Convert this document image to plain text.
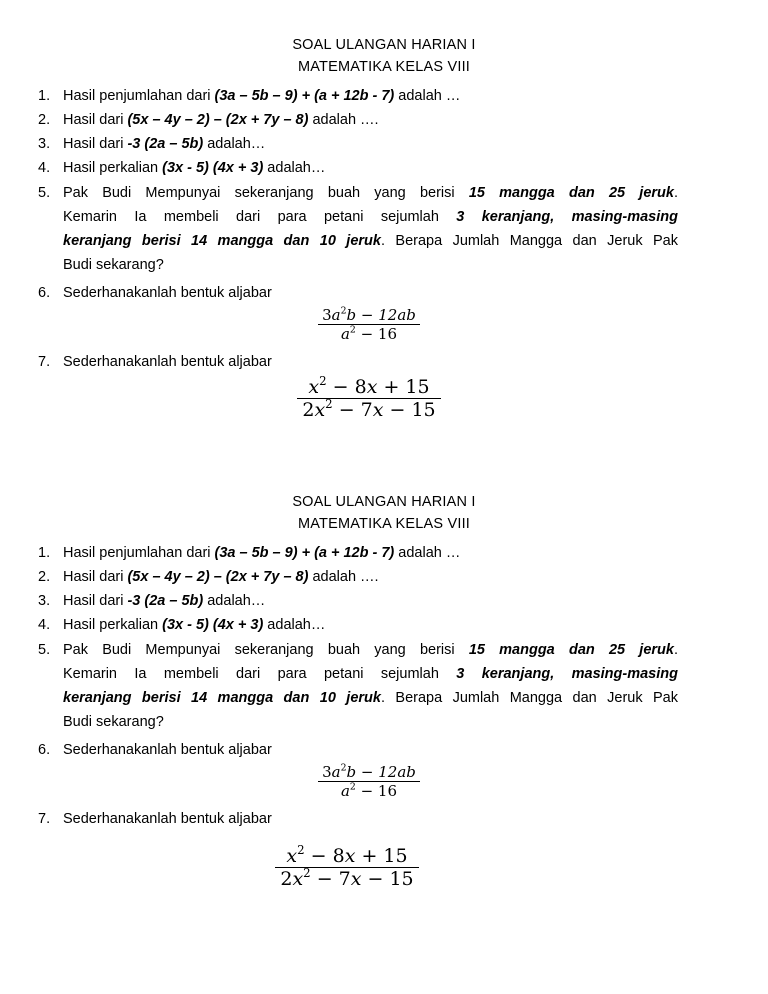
SOAL ULANGAN HARIAN I
MATEMATIKA KELAS VIII
1. Hasil penjumlahan dari (3a – 5b – 9) + (a + 12b - 7) adalah …
2. Hasil dari (5x – 4y – 2) – (2x + 7y – 8) adalah ….
3. Hasil dari -3 (2a – 5b) adalah…
4. Hasil perkalian (3x - 5) (4x + 3) adalah…
5. Pak Budi Mempunyai sekeranjang buah yang berisi 15 mangga dan 25 jeruk.
Kemarin Ia membeli dari para petani sejumlah 3 keranjang, masing-masing
keranjang berisi 14 mangga dan 10 jeruk. Berapa Jumlah Mangga dan Jeruk Pak
Budi sekarang?
6. Sederhanakanlah bentuk aljabar
$3a^2b - 12ab$
$a^2 - 16$
7. Sederhanakanlah bentuk aljabar
$x^2 - 8x + 15$
$2x^2 - 7x - 15$
SOAL ULANGAN HARIAN I
MATEMATIKA KELAS VIII
1. Hasil penjumlahan dari (3a – 5b – 9) + (a + 12b - 7) adalah …
2. Hasil dari (5x – 4y – 2) – (2x + 7y – 8) adalah ….
3. Hasil dari -3 (2a – 5b) adalah…
4. Hasil perkalian (3x - 5) (4x + 3) adalah…
5. Pak Budi Mempunyai sekeranjang buah yang berisi 15 mangga dan 25 jeruk.
Kemarin Ia membeli dari para petani sejumlah 3 keranjang, masing-masing
keranjang berisi 14 mangga dan 10 jeruk. Berapa Jumlah Mangga dan Jeruk Pak
Budi sekarang?
6. Sederhanakanlah bentuk aljabar
$3a^2b - 12ab$
$a^2 - 16$
7. Sederhanakanlah bentuk aljabar
$x^2 - 8x + 15$
$2x^2 - 7x - 15$
